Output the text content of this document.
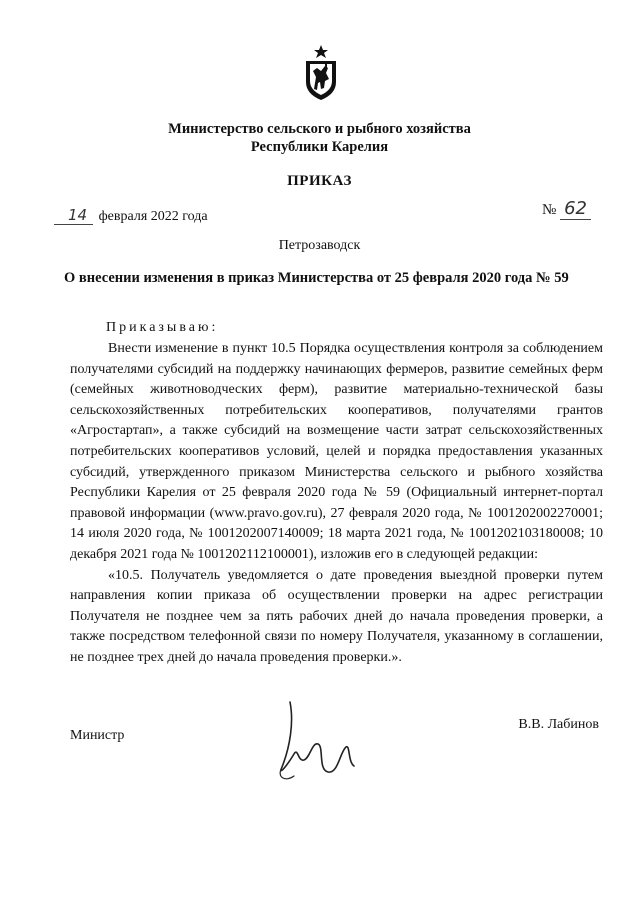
Министерство сельского и рыбного хозяйства
Республики Карелия
ПРИКАЗ
14 февраля 2022 года	№ 62
Петрозаводск
О внесении изменения в приказ Министерства от 25 февраля 2020 года № 59
Приказываю:

Внести изменение в пункт 10.5 Порядка осуществления контроля за соблюдением получателями субсидий на поддержку начинающих фермеров, развитие семейных ферм (семейных животноводческих ферм), развитие материально-технической базы сельскохозяйственных потребительских кооперативов, получателями грантов «Агростартап», а также субсидий на возмещение части затрат сельскохозяйственных потребительских кооперативов условий, целей и порядка предоставления указанных субсидий, утвержденного приказом Министерства сельского и рыбного хозяйства Республики Карелия от 25 февраля 2020 года № 59 (Официальный интернет-портал правовой информации (www.pravo.gov.ru), 27 февраля 2020 года, № 1001202002270001; 14 июля 2020 года, № 1001202007140009; 18 марта 2021 года, № 1001202103180008; 10 декабря 2021 года № 1001202112100001), изложив его в следующей редакции:

«10.5. Получатель уведомляется о дате проведения выездной проверки путем направления копии приказа об осуществлении проверки на адрес регистрации Получателя не позднее чем за пять рабочих дней до начала проведения проверки, а также посредством телефонной связи по номеру Получателя, указанному в соглашении, не позднее трех дней до начала проведения проверки.».

Министр
В.В. Лабинов
